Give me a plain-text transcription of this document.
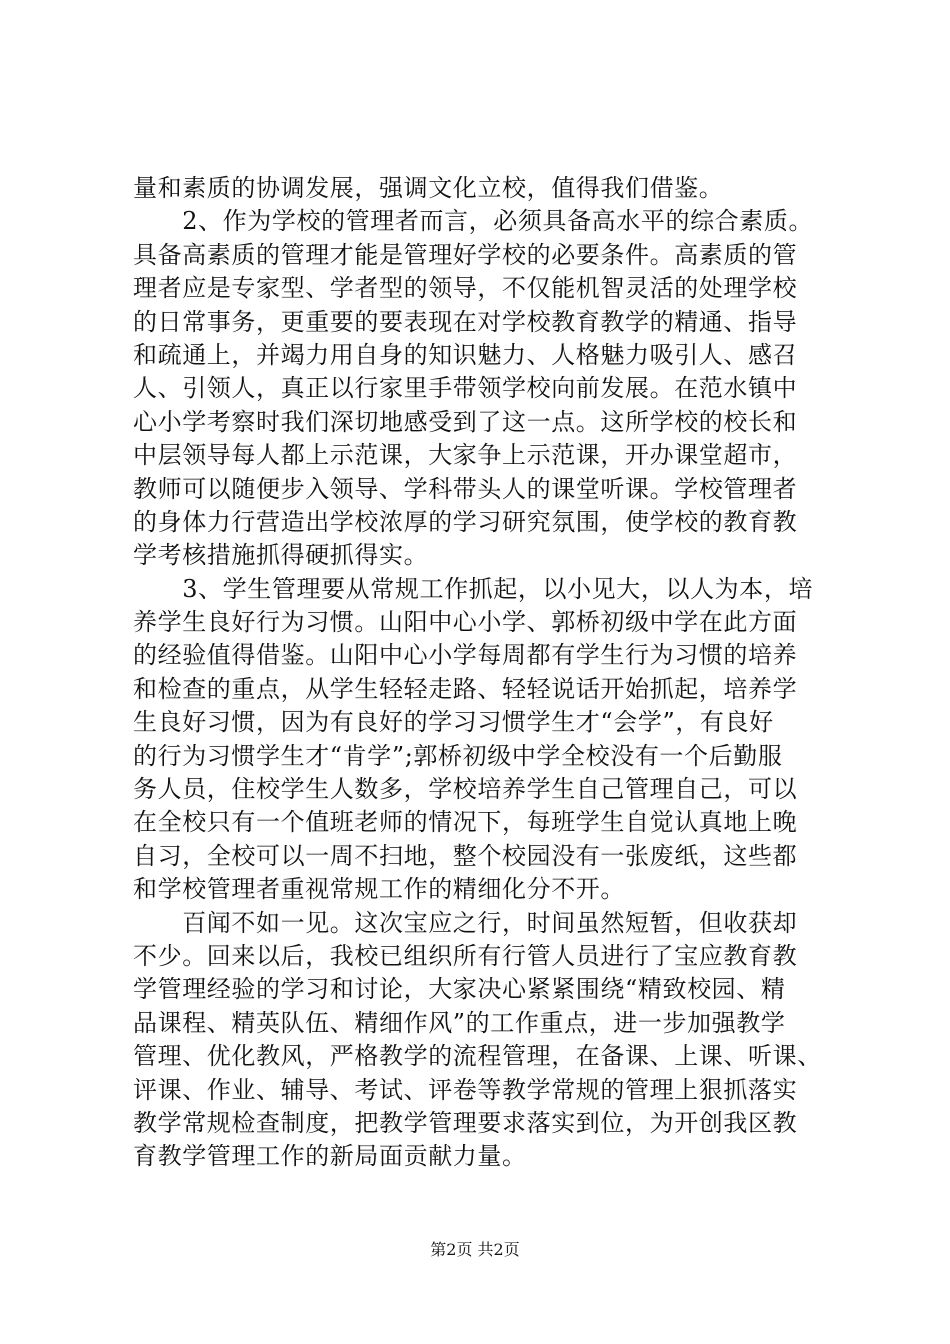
量和素质的协调发展，强调文化立校，值得我们借鉴。
　　2、作为学校的管理者而言，必须具备高水平的综合素质。
具备高素质的管理才能是管理好学校的必要条件。高素质的管
理者应是专家型、学者型的领导，不仅能机智灵活的处理学校
的日常事务，更重要的要表现在对学校教育教学的精通、指导
和疏通上，并竭力用自身的知识魅力、人格魅力吸引人、感召
人、引领人，真正以行家里手带领学校向前发展。在范水镇中
心小学考察时我们深切地感受到了这一点。这所学校的校长和
中层领导每人都上示范课，大家争上示范课，开办课堂超市，
教师可以随便步入领导、学科带头人的课堂听课。学校管理者
的身体力行营造出学校浓厚的学习研究氛围，使学校的教育教
学考核措施抓得硬抓得实。
　　3、学生管理要从常规工作抓起，以小见大，以人为本，培
养学生良好行为习惯。山阳中心小学、郭桥初级中学在此方面
的经验值得借鉴。山阳中心小学每周都有学生行为习惯的培养
和检查的重点，从学生轻轻走路、轻轻说话开始抓起，培养学
生良好习惯，因为有良好的学习习惯学生才“会学”，有良好
的行为习惯学生才“肯学”;郭桥初级中学全校没有一个后勤服
务人员，住校学生人数多，学校培养学生自己管理自己，可以
在全校只有一个值班老师的情况下，每班学生自觉认真地上晚
自习，全校可以一周不扫地，整个校园没有一张废纸，这些都
和学校管理者重视常规工作的精细化分不开。
　　百闻不如一见。这次宝应之行，时间虽然短暂，但收获却
不少。回来以后，我校已组织所有行管人员进行了宝应教育教
学管理经验的学习和讨论，大家决心紧紧围绕“精致校园、精
品课程、精英队伍、精细作风”的工作重点，进一步加强教学
管理、优化教风，严格教学的流程管理，在备课、上课、听课、
评课、作业、辅导、考试、评卷等教学常规的管理上狠抓落实
教学常规检查制度，把教学管理要求落实到位，为开创我区教
育教学管理工作的新局面贡献力量。
第2页 共2页
